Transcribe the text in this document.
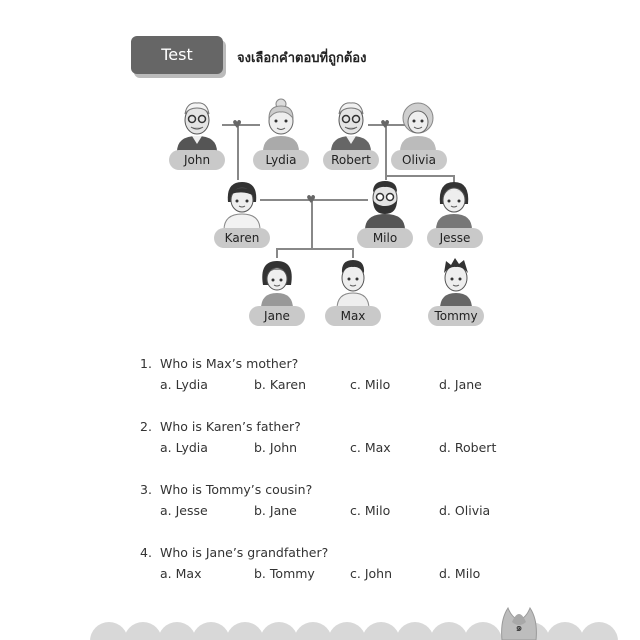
Test	จงเลือกคำตอบที่ถูกต้อง
♥	♥
♥
John	Lydia	Robert	Olivia
Karen	Milo	Jesse
Jane	Max	Tommy
1. Who is Max’s mother?
a. Lydia	b. Karen	c. Milo	d. Jane
2. Who is Karen’s father?
a. Lydia	b. John	c. Max	d. Robert
3. Who is Tommy’s cousin?
a. Jesse	b. Jane	c. Milo	d. Olivia
4. Who is Jane’s grandfather?
a. Max	b. Tommy	c. John	d. Milo
๑
